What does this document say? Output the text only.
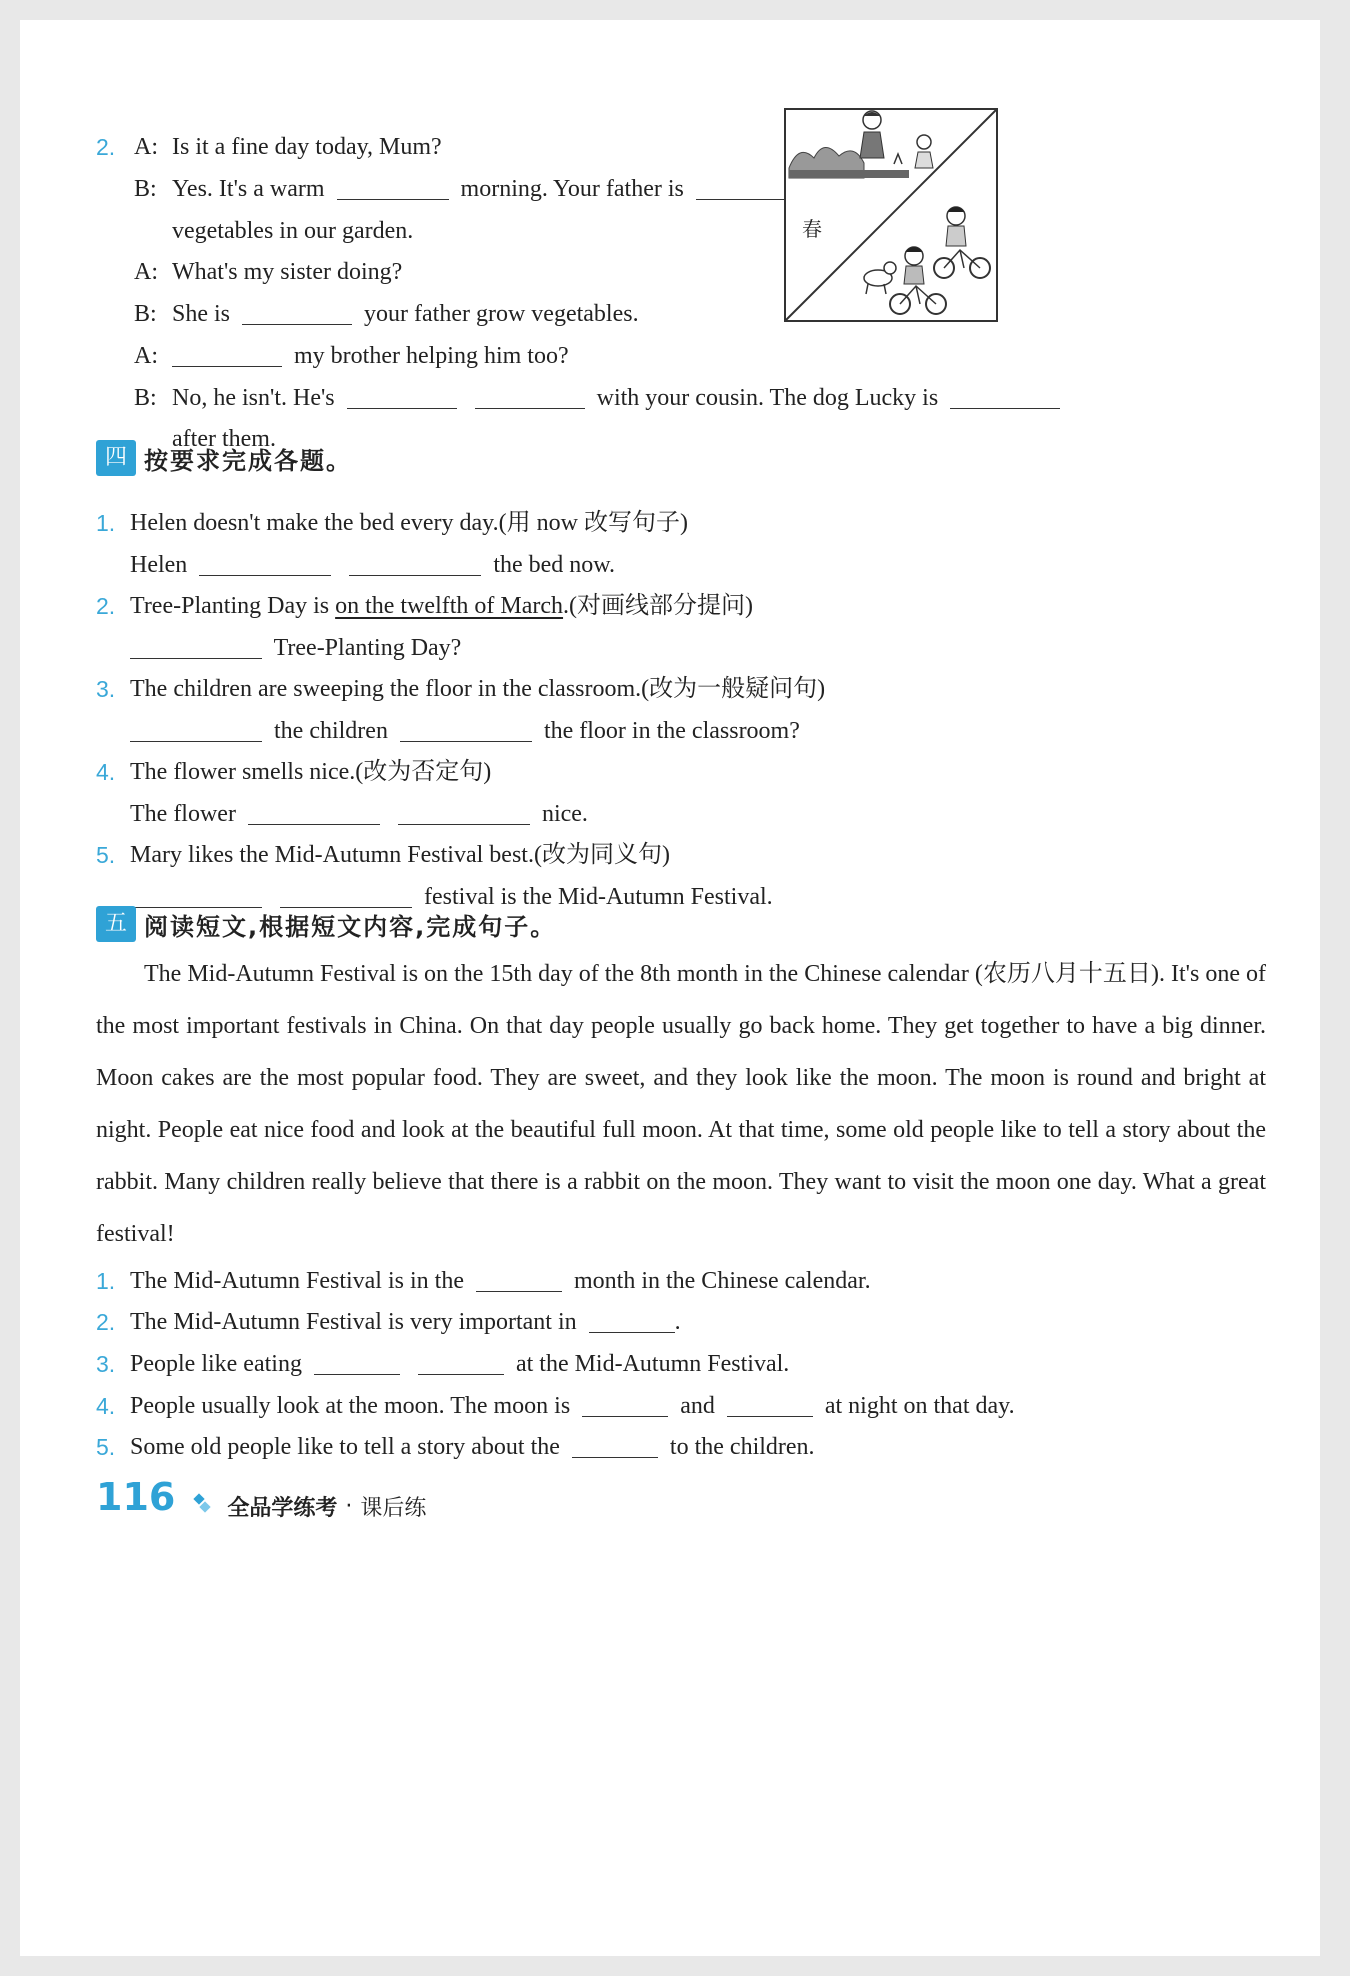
2. A: Is it a fine day today, Mum?
B: Yes. It's a warm	morning. Your father is
vegetables in our garden.
A: What's my sister doing?
B: She is	your father grow vegetables.
A:	my brother helping him too?
B: No, he isn't. He's	with your cousin. The dog Lucky is
after them.
春
四 按要求完成各题。
1. Helen doesn't make the bed every day.(用 now 改写句子)
Helen	the bed now.
2. Tree-Planting Day is on the twelfth of March.(对画线部分提问)
Tree-Planting Day?
3. The children are sweeping the floor in the classroom.(改为一般疑问句)
the children	the floor in the classroom?
4. The flower smells nice.(改为否定句)
The flower	nice.
5. Mary likes the Mid-Autumn Festival best.(改为同义句)
festival is the Mid-Autumn Festival.
五 阅读短文,根据短文内容,完成句子。

The Mid-Autumn Festival is on the 15th day of the 8th month in the Chinese calendar (农历八月十五日). It's one of the most important festivals in China. On that day people usually go back home. They get together to have a big dinner. Moon cakes are the most popular food. They are sweet, and they look like the moon. The moon is round and bright at night. People eat nice food and look at the beautiful full moon. At that time, some old people like to tell a story about the rabbit. Many children really believe that there is a rabbit on the moon. They want to visit the moon one day. What a great festival!

1. The Mid-Autumn Festival is in the	month in the Chinese calendar.
2. The Mid-Autumn Festival is very important in	.
3. People like eating	at the Mid-Autumn Festival.
4. People usually look at the moon. The moon is	and	at night on that day.
5. Some old people like to tell a story about the	to the children.
116 全品学练考 · 课后练
